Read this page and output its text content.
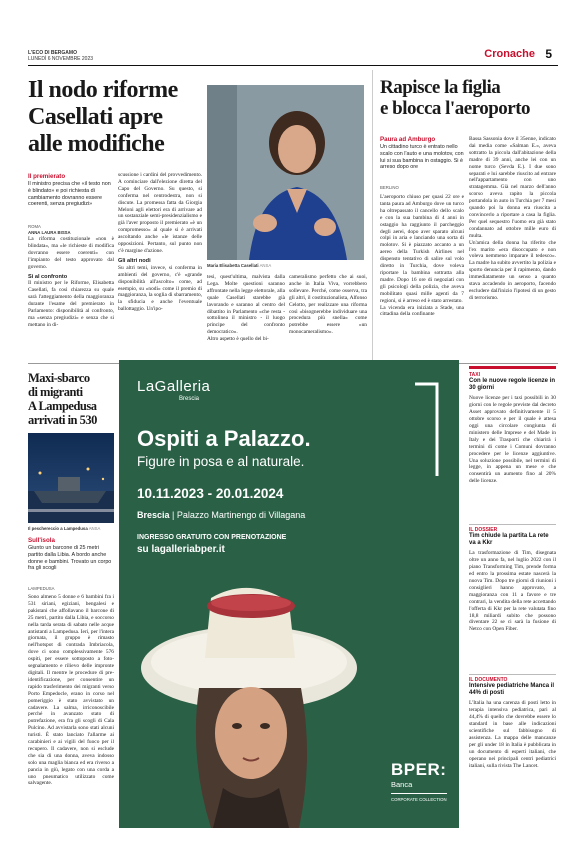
L'ECO DI BERGAMO
LUNEDÌ 6 NOVEMBRE 2023	Cronache 5
Il nodo riforme
Casellati apre
alle modifiche
Il premierato
Il ministro precisa che «il testo non è blindato» e poi richiesta di cambiamento dovranno essere coerenti, senza pregiudizi»
ROMA
ANNA LAURA BISSA

La riforma costituzionale «non è blindata», ma «le richieste di modifica dovranno essere coerenti» con l'impianto del testo approvato dal governo.

Si al confronto

Il ministro per le Riforme, Elisabetta Casellati, fa così chiarezza su quale sarà l'atteggiamento della maggioranza durante l'esame del premierato in Parlamento: disponibilità al confronto, ma «senza pregiudizi» e senza che si mettano in di-

Maria Elisabetta Casellati ANSA

scussione i cardini del provvedimento. A cominciare dall'elezione diretta del Capo del Governo. Su questo, si conferma nel centrodestra, non si discute. La promessa fatta da Giorgia Meloni agli elettori era di arrivare ad un sostanziale semi-presidenzialismo e già l'aver proposto il premierato «è un compromesso» al quale si è arrivati ascoltando anche «le istanze delle opposizioni. Pertanto, sul punto non c'è margine d'azione.

Gli altri nodi

Su altri temi, invece, si conferma in ambienti del governo, c'è «grande disponibilità all'ascolto» come, ad esempio, su «nodi» come il premio di maggioranza, la soglia di sbarramento, la sfiducia e anche l'eventuale ballottaggio. Un'ipo-

tesi, quest'ultima, malvista dalla Lega. Molte questioni saranno affrontate nella legge elettorale, alla quale Casellati starebbe già lavorando e saranno al centro del dibattito in Parlamento «che resta - sottolinea il ministro - il luogo principe del confronto democratico».

Altro aspetto è quello del bi-

cameralismo perfetto che ai suoi, anche in Italia Viva, vorrebbero sollevare. Perché, come osserva, tra gli altri, il costituzionalista, Alfonso Celotto, per realizzare una riforma così «bisognerebbe individuare una procedura più snella» come potrebbe essere «un monocameralismo».

Rapisce la figlia
e blocca l'aeroporto
Paura ad Amburgo
Un cittadino turco è entrato nello scalo con l'auto e una molotov, con lui si sua bambina in ostaggio. Si è arreso dopo ore
BERLINO

L'aeroporto chiuso per quasi 22 ore e tanta paura ad Amburgo dove un turco ha oltrepassato il cancello dello scalo e con la sua bambina di 4 anni in ostaggio ha raggiunto il parcheggio degli aerei, dopo aver sparato alcuni colpi in aria e lanciando una sorta di molotov. Si è piazzato accanto a un aereo della Turkish Airlines nel dispensto tentativo di salire sul volo diretto in Turchia, dove voleva riportare la bambina sottratta alla madre. Dopo 16 ore di negoziati con gli psicologi della polizia, che aveva mobilitato quasi mille agenti da 7 regioni, si è arreso ed è stato arrestato.

La vicenda era iniziata a Stade, una cittadina della confinante

Bassa Sassonia dove il 35enne, indicato dai media come «Salman E.», aveva sottratto la piccola dall'abitazione della madre di 39 anni, anche lei con un nome turco (Sevda E.). I due sono separati e lui sarebbe riuscito ad entrare nell'appartamento con uno stratagemma. Già nel marzo dell'anno scorso aveva rapito la piccola portandola in auto in Turchia per 7 mesi quando poi la donna era riuscita a convincerlo a riportare a casa la figlia. Per quel sequestro l'uomo era già stato condannato ad ottobre mille euro di multa.

Un'amica della donna ha riferito che l'ex marito «era disoccupato e non voleva nemmeno imparare il tedesco». La madre ha subito avvertito la polizia e sporto denuncia per il rapimento, dando immediatamente un senso a quanto stava accadendo in aeroporto, facendo escludere dall'inizio l'ipotesi di un gesto di terrorismo.

Maxi-sbarco
di migranti
A Lampedusa
arrivati in 530
Il peschereccio a Lampedusa ANSA
Sull'isola
Giunto un barcone di 25 metri partito dalla Libia. A bordo anche donne e bambini. Trovato un corpo fra gli scogli
LAMPEDUSA
Sono almeno 5 donne e 6 bambini fra i 531 siriani, egiziani, bengalesi e pakistani che affollavano il barcone di 25 metri, partito dalla Libia, e soccorso nella tarda serata di sabato nelle acque antistanti a Lampedusa. Ieri, per l'intera giornata, il gruppo è rimasto nell'hotspot di contrada Imbriacola, dove ci sono complessivamente 576 ospiti, per essere sottoposto a foto-segnalamento e rilievo delle impronte digitali. Il mentre le procedure di pre-identificazione, per consentire un rapido trasferimento dei migranti verso Porto Empedocle, erano in corso nel pomeriggio è stato avvistato un cadavere. La salma, irriconoscibile perché in avanzato stato di putrefazione, era fra gli scogli di Cala Pulcino. Ad avvistarla sono stati alcuni turisti. È stato lanciato l'allarme ai carabinieri e ai vigili del fuoco per il recupero. Il cadavere, non si esclude che sia di una donna, aveva indosso solo una maglia bianca ed era riverso a pancia in giù, legato con una corda a uno pneumatico utilizzato come salvagente.
LaGalleria
Brescia
Ospiti a Palazzo.
Figure in posa e al naturale.
10.11.2023 - 20.01.2024
Brescia | Palazzo Martinengo di Villagana
INGRESSO GRATUITO CON PRENOTAZIONE
su lagalleriabper.it
BPER:
Banca
CORPORATE COLLECTION
TAXI
Con le nuove regole licenze in 30 giorni
Nuove licenze per i taxi possibili in 30 giorni con le regole previste dal decreto Asset approvato definitivamente il 5 ottobre scorso e per il quale è attesa oggi una circolare congiunta di ministero delle Imprese e del Made in Italy e dei Trasporti che chiarirà i termini di come i Comuni dovranno procedere per le licenze aggiuntive. Una soluzione possibile, nel termini di legge, in appena un mese e che consentirà un aumento fino al 20% delle licenze.
IL DOSSIER
Tim chiude la partita La rete va a Kkr
La trasformazione di Tim, disegnata oltre un anno fa, nel luglio 2022 con il piano Transforming Tim, prende forma ed entro la prossima estate nascerà la nuova Tim. Dopo tre giorni di riunioni i consiglieri hanno approvato, a maggioranza con 11 a favore e tre contrari, la vendita della rete accettando l'offerta di Kkr per la rete valutata fino 18,8 miliardi subito che possono diventare 22 se ci sarà la fusione di Netco con Open Fiber.
IL DOCUMENTO
Intensive pediatriche Manca il 44% di posti
L'Italia ha una carenza di posti letto in terapia intensiva pediatrica, pari al 44,4% di quello che dovrebbe essere lo standard in base alle indicazioni scientifiche sul fabbisogno di assistenza. La mappa delle mancanze per gli under 18 in Italia è pubblicata in un documento di esperti italiani, che operano nei principali centri pediatrici italiani, sulla rivista The Lancet.
